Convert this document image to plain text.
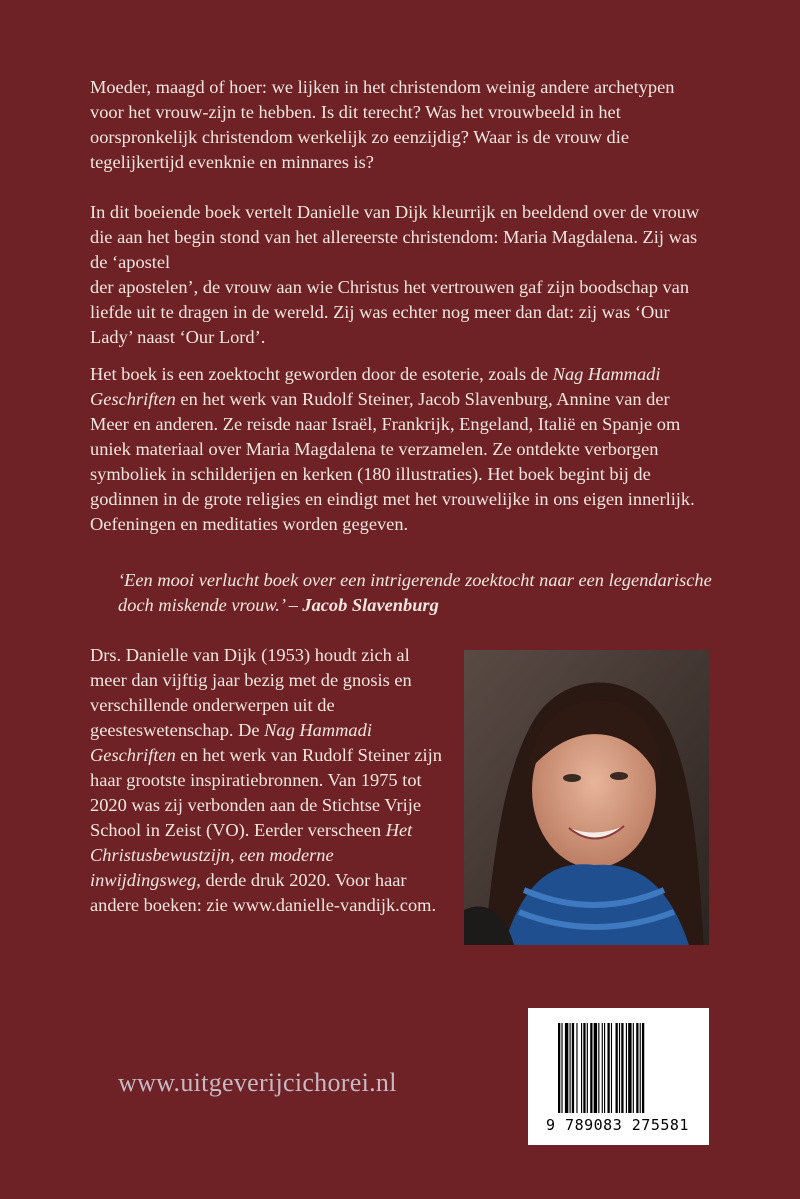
Moeder, maagd of hoer: we lijken in het christendom weinig andere archetypen voor het vrouw-zijn te hebben. Is dit terecht? Was het vrouwbeeld in het oorspronkelijk christendom werkelijk zo eenzijdig? Waar is de vrouw die tegelijkertijd evenknie en minnares is?

In dit boeiende boek vertelt Danielle van Dijk kleurrijk en beeldend over de vrouw die aan het begin stond van het allereerste christendom: Maria Magdalena. Zij was de ‘apostel
der apostelen’, de vrouw aan wie Christus het vertrouwen gaf zijn boodschap van liefde uit te dragen in de wereld. Zij was echter nog meer dan dat: zij was ‘Our Lady’ naast ‘Our Lord’.

Het boek is een zoektocht geworden door de esoterie, zoals de Nag Hammadi Geschriften en het werk van Rudolf Steiner, Jacob Slavenburg, Annine van der Meer en anderen. Ze reisde naar Israël, Frankrijk, Engeland, Italië en Spanje om uniek materiaal over Maria Magdalena te verzamelen. Ze ontdekte verborgen symboliek in schilderijen en kerken (180 illustraties). Het boek begint bij de godinnen in de grote religies en eindigt met het vrouwelijke in ons eigen innerlijk. Oefeningen en meditaties worden gegeven.

‘Een mooi verlucht boek over een intrigerende zoektocht naar een legendarische doch miskende vrouw.’ – Jacob Slavenburg
Drs. Danielle van Dijk (1953) houdt zich al meer dan vijftig jaar bezig met de gnosis en verschillende onderwerpen uit de geesteswetenschap. De Nag Hammadi Geschriften en het werk van Rudolf Steiner zijn haar grootste inspiratiebronnen. Van 1975 tot 2020 was zij verbonden aan de Stichtse Vrije School in Zeist (VO). Eerder verscheen Het Christusbewustzijn, een moderne inwijdingsweg, derde druk 2020. Voor haar andere boeken: zie www.danielle-vandijk.com.
www.uitgeverijcichorei.nl
9 789083 275581
